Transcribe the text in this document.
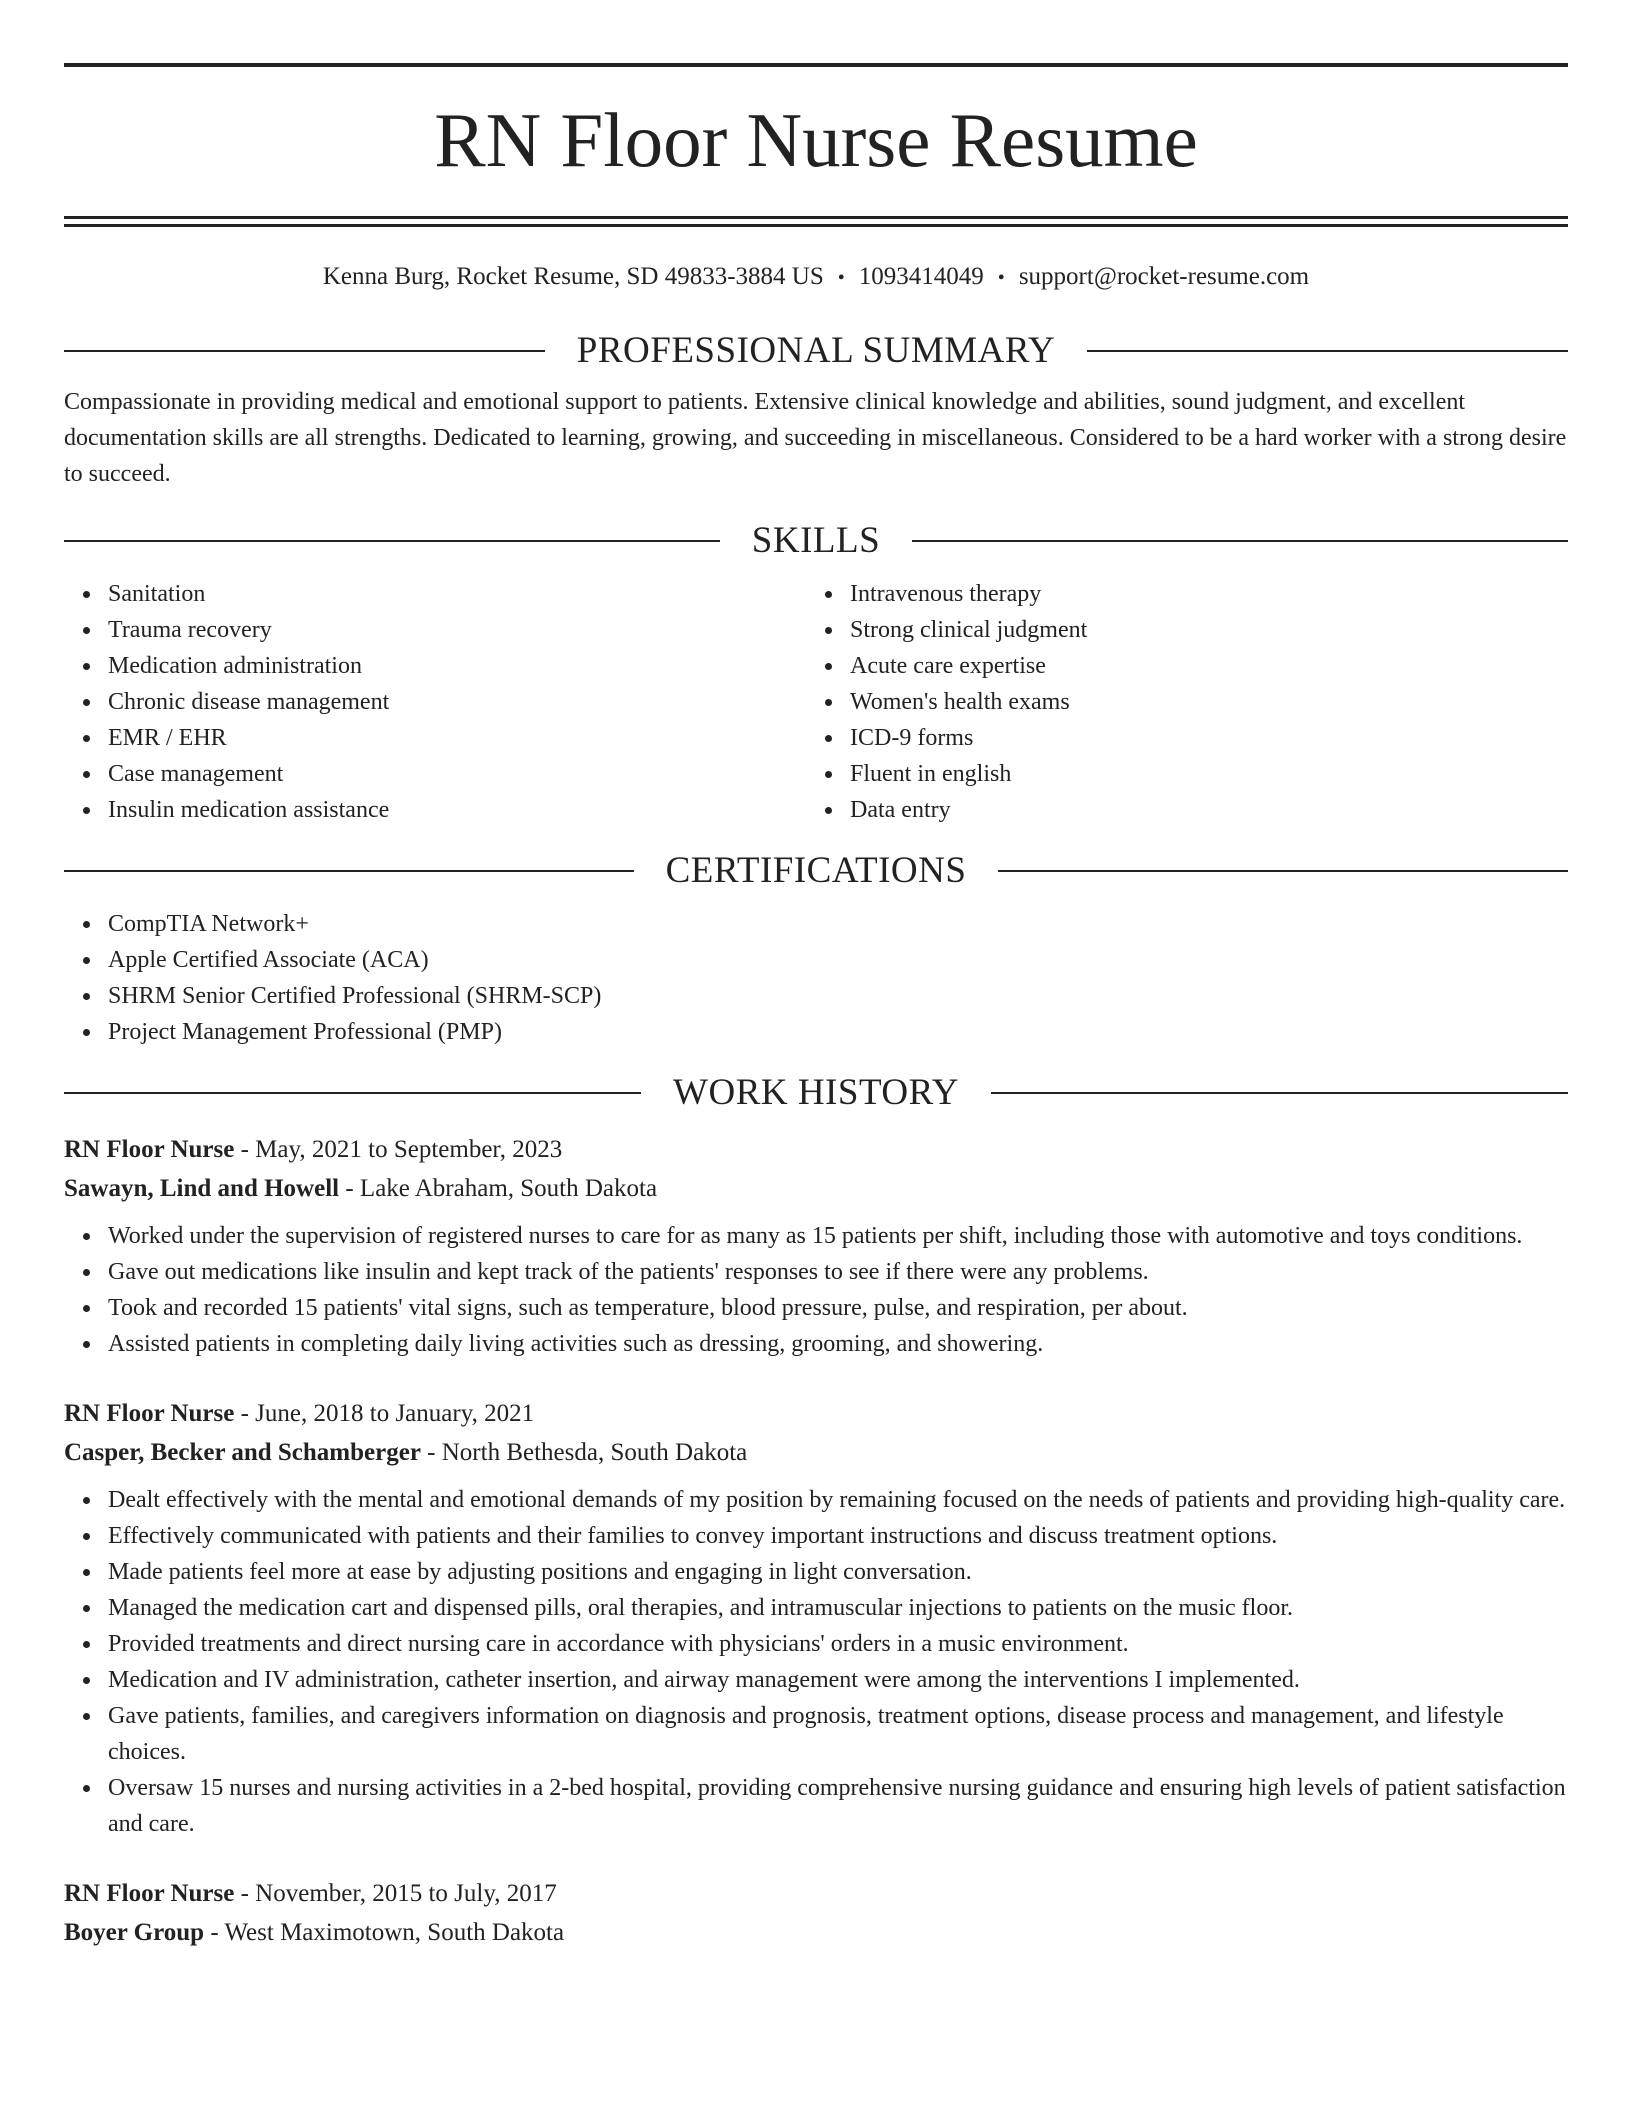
RN Floor Nurse Resume
Kenna Burg, Rocket Resume, SD 49833-3884 US • 1093414049 • support@rocket-resume.com
PROFESSIONAL SUMMARY

Compassionate in providing medical and emotional support to patients. Extensive clinical knowledge and abilities, sound judgment, and excellent documentation skills are all strengths. Dedicated to learning, growing, and succeeding in miscellaneous. Considered to be a hard worker with a strong desire to succeed.

SKILLS
Sanitation
Trauma recovery
Medication administration
Chronic disease management
EMR / EHR
Case management
Insulin medication assistance
Intravenous therapy
Strong clinical judgment
Acute care expertise
Women's health exams
ICD-9 forms
Fluent in english
Data entry
CERTIFICATIONS
CompTIA Network+
Apple Certified Associate (ACA)
SHRM Senior Certified Professional (SHRM-SCP)
Project Management Professional (PMP)
WORK HISTORY
RN Floor Nurse - May, 2021 to September, 2023
Sawayn, Lind and Howell - Lake Abraham, South Dakota
Worked under the supervision of registered nurses to care for as many as 15 patients per shift, including those with automotive and toys conditions.
Gave out medications like insulin and kept track of the patients' responses to see if there were any problems.
Took and recorded 15 patients' vital signs, such as temperature, blood pressure, pulse, and respiration, per about.
Assisted patients in completing daily living activities such as dressing, grooming, and showering.
RN Floor Nurse - June, 2018 to January, 2021
Casper, Becker and Schamberger - North Bethesda, South Dakota
Dealt effectively with the mental and emotional demands of my position by remaining focused on the needs of patients and providing high-quality care.
Effectively communicated with patients and their families to convey important instructions and discuss treatment options.
Made patients feel more at ease by adjusting positions and engaging in light conversation.
Managed the medication cart and dispensed pills, oral therapies, and intramuscular injections to patients on the music floor.
Provided treatments and direct nursing care in accordance with physicians' orders in a music environment.
Medication and IV administration, catheter insertion, and airway management were among the interventions I implemented.
Gave patients, families, and caregivers information on diagnosis and prognosis, treatment options, disease process and management, and lifestyle choices.
Oversaw 15 nurses and nursing activities in a 2-bed hospital, providing comprehensive nursing guidance and ensuring high levels of patient satisfaction and care.
RN Floor Nurse - November, 2015 to July, 2017
Boyer Group - West Maximotown, South Dakota
